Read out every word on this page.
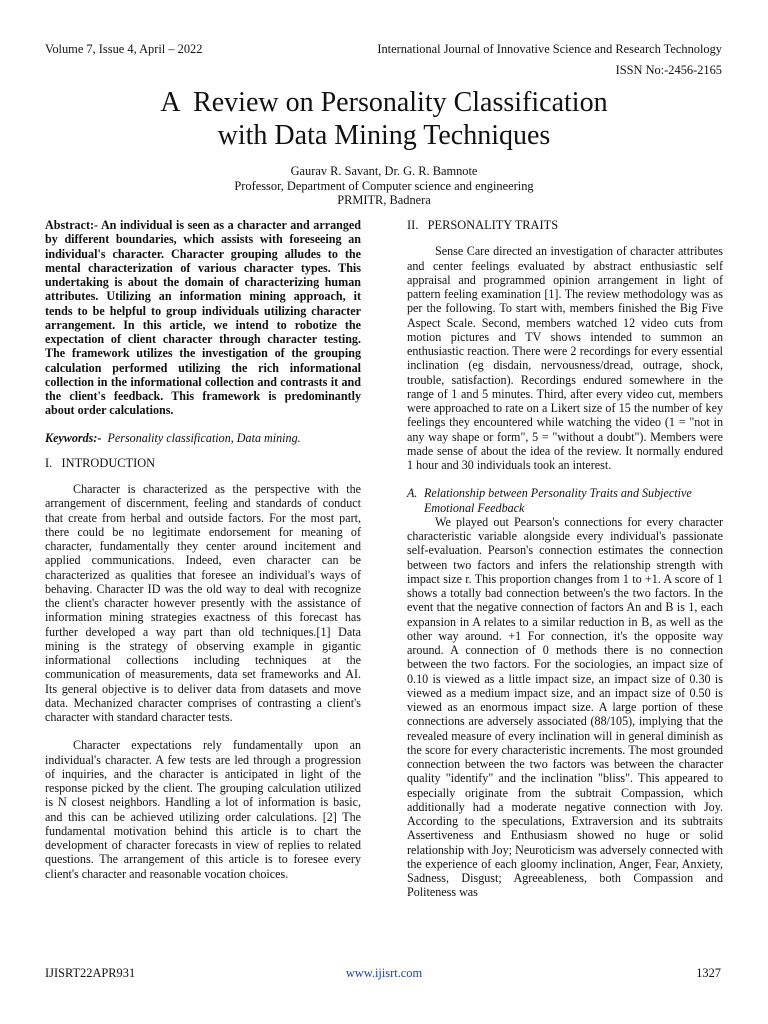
Volume 7, Issue 4, April – 2022	International Journal of Innovative Science and Research Technology
ISSN No:-2456-2165
A  Review on Personality Classification
with Data Mining Techniques
Gaurav R. Savant, Dr. G. R. Bamnote
Professor, Department of Computer science and engineering
PRMITR, Badnera

Abstract:- An individual is seen as a character and arranged by different boundaries, which assists with foreseeing an individual's character. Character grouping alludes to the mental characterization of various character types. This undertaking is about the domain of characterizing human attributes. Utilizing an information mining approach, it tends to be helpful to group individuals utilizing character arrangement. In this article, we intend to robotize the expectation of client character through character testing. The framework utilizes the investigation of the grouping calculation performed utilizing the rich informational collection in the informational collection and contrasts it and the client's feedback. This framework is predominantly about order calculations.

Keywords:- Personality classification, Data mining.

I.   INTRODUCTION

Character is characterized as the perspective with the arrangement of discernment, feeling and standards of conduct that create from herbal and outside factors. For the most part, there could be no legitimate endorsement for meaning of character, fundamentally they center around incitement and applied communications. Indeed, even character can be characterized as qualities that foresee an individual's ways of behaving. Character ID was the old way to deal with recognize the client's character however presently with the assistance of information mining strategies exactness of this forecast has further developed a way part than old techniques.[1] Data mining is the strategy of observing example in gigantic informational collections including techniques at the communication of measurements, data set frameworks and AI. Its general objective is to deliver data from datasets and move data. Mechanized character comprises of contrasting a client's character with standard character tests.

Character expectations rely fundamentally upon an individual's character. A few tests are led through a progression of inquiries, and the character is anticipated in light of the response picked by the client. The grouping calculation utilized is N closest neighbors. Handling a lot of information is basic, and this can be achieved utilizing order calculations. [2] The fundamental motivation behind this article is to chart the development of character forecasts in view of replies to related questions. The arrangement of this article is to foresee every client's character and reasonable vocation choices.

II.   PERSONALITY TRAITS

Sense Care directed an investigation of character attributes and center feelings evaluated by abstract enthusiastic self appraisal and programmed opinion arrangement in light of pattern feeling examination [1]. The review methodology was as per the following. To start with, members finished the Big Five Aspect Scale. Second, members watched 12 video cuts from motion pictures and TV shows intended to summon an enthusiastic reaction. There were 2 recordings for every essential inclination (eg disdain, nervousness/dread, outrage, shock, trouble, satisfaction). Recordings endured somewhere in the range of 1 and 5 minutes. Third, after every video cut, members were approached to rate on a Likert size of 15 the number of key feelings they encountered while watching the video (1 = "not in any way shape or form", 5 = "without a doubt"). Members were made sense of about the idea of the review. It normally endured 1 hour and 30 individuals took an interest.

A. Relationship between Personality Traits and Subjective
Emotional Feedback

We played out Pearson's connections for every character characteristic variable alongside every individual's passionate self-evaluation. Pearson's connection estimates the connection between two factors and infers the relationship strength with impact size r. This proportion changes from 1 to +1. A score of 1 shows a totally bad connection between's the two factors. In the event that the negative connection of factors An and B is 1, each expansion in A relates to a similar reduction in B, as well as the other way around. +1 For connection, it's the opposite way around. A connection of 0 methods there is no connection between the two factors. For the sociologies, an impact size of 0.10 is viewed as a little impact size, an impact size of 0.30 is viewed as a medium impact size, and an impact size of 0.50 is viewed as an enormous impact size. A large portion of these connections are adversely associated (88/105), implying that the revealed measure of every inclination will in general diminish as the score for every characteristic increments. The most grounded connection between the two factors was between the character quality "identify" and the inclination "bliss". This appeared to especially originate from the subtrait Compassion, which additionally had a moderate negative connection with Joy. According to the speculations, Extraversion and its subtraits Assertiveness and Enthusiasm showed no huge or solid relationship with Joy; Neuroticism was adversely connected with the experience of each gloomy inclination, Anger, Fear, Anxiety, Sadness, Disgust; Agreeableness, both Compassion and Politeness was

IJISRT22APR931	www.ijisrt.com	1327
